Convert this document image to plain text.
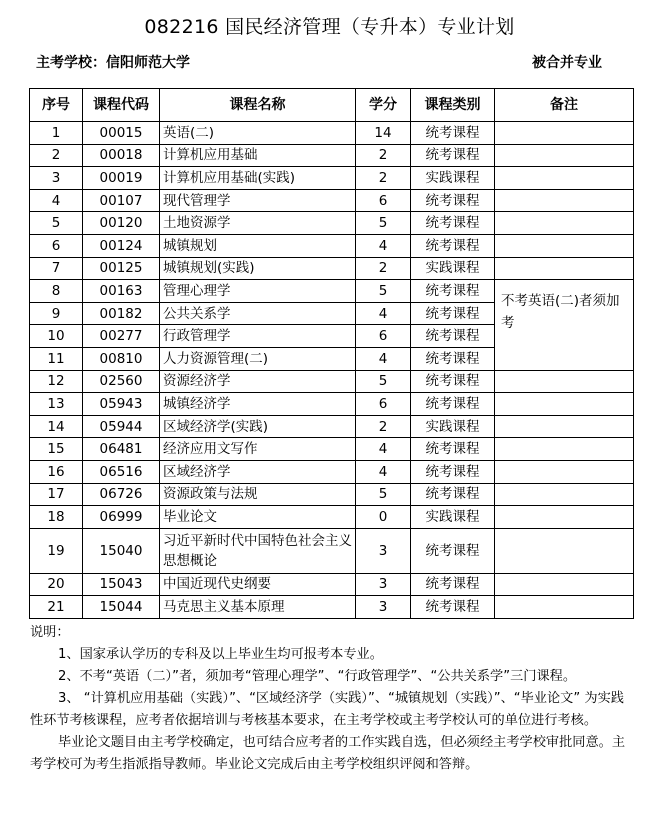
082216 国民经济管理（专升本）专业计划
主考学校：信阳师范大学	被合并专业
序号	课程代码	课程名称	学分	课程类别	备注
1	00015	英语(二)	14	统考课程	
2	00018	计算机应用基础	2	统考课程	
3	00019	计算机应用基础(实践)	2	实践课程	
4	00107	现代管理学	6	统考课程	
5	00120	土地资源学	5	统考课程	
6	00124	城镇规划	4	统考课程	
7	00125	城镇规划(实践)	2	实践课程	
8	00163	管理心理学	5	统考课程	不考英语(二)者须加考
9	00182	公共关系学	4	统考课程	
10	00277	行政管理学	6	统考课程	
11	00810	人力资源管理(二)	4	统考课程	
12	02560	资源经济学	5	统考课程	
13	05943	城镇经济学	6	统考课程	
14	05944	区域经济学(实践)	2	实践课程	
15	06481	经济应用文写作	4	统考课程	
16	06516	区域经济学	4	统考课程	
17	06726	资源政策与法规	5	统考课程	
18	06999	毕业论文	0	实践课程	
19	15040	习近平新时代中国特色社会主义思想概论	3	统考课程	
20	15043	中国近现代史纲要	3	统考课程	
21	15044	马克思主义基本原理	3	统考课程	

说明：

1、国家承认学历的专科及以上毕业生均可报考本专业。

2、不考“英语（二）”者，须加考“管理心理学”、“行政管理学”、“公共关系学”三门课程。

3、 “计算机应用基础（实践）”、“区域经济学（实践）”、“城镇规划（实践）”、“毕业论文” 为实践性环节考核课程，应考者依据培训与考核基本要求，在主考学校或主考学校认可的单位进行考核。

毕业论文题目由主考学校确定，也可结合应考者的工作实践自选，但必须经主考学校审批同意。主考学校可为考生指派指导教师。毕业论文完成后由主考学校组织评阅和答辩。
